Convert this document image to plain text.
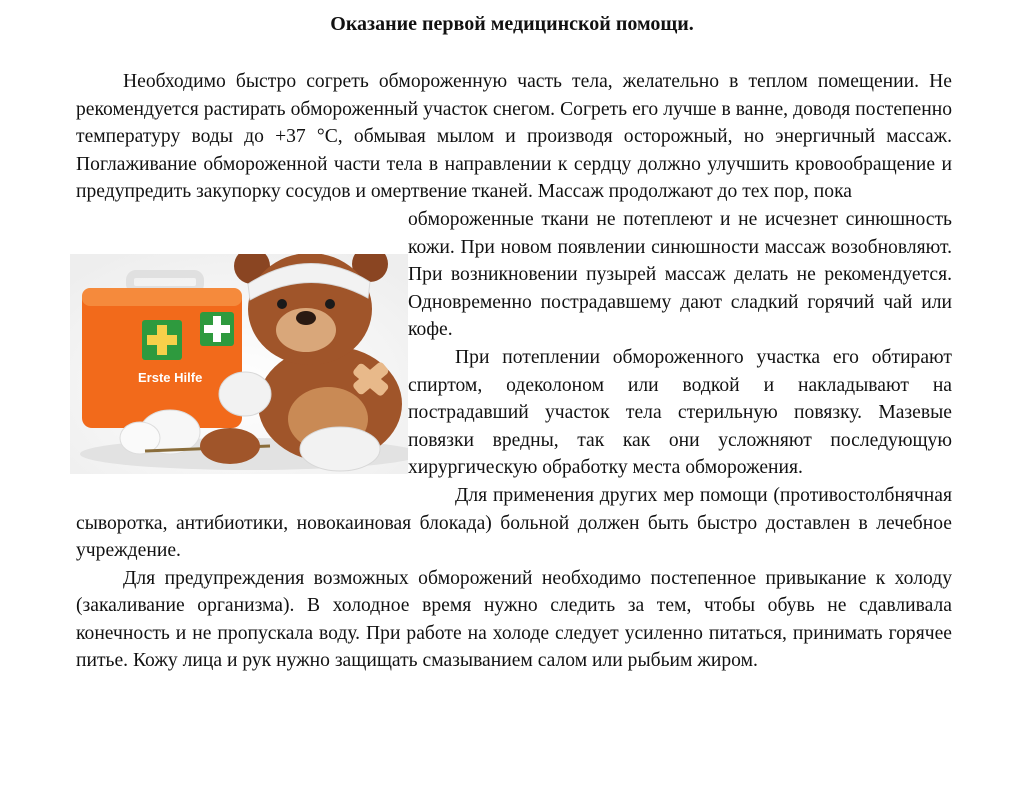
Оказание первой медицинской помощи.

Необходимо быстро согреть обмороженную часть тела, желательно в теплом помещении. Не рекомендуется растирать обмороженный участок снегом. Согреть его лучше в ванне, доводя постепенно температуру воды до +37 °С, обмывая мылом и производя осторожный, но энергичный массаж. Поглаживание обмороженной части тела в направлении к сердцу должно улучшить кровообращение и предупредить закупорку сосудов и омертвение тканей. Массаж продолжают до тех пор, пока

Erste Hilfe
обмороженные ткани не потеплеют и не исчезнет синюшность кожи. При новом появлении синюшности массаж возобновляют. При возникновении пузырей массаж делать не рекомендуется. Одновременно пострадавшему дают сладкий горячий чай или кофе.

При потеплении обмороженного участка его обтирают спиртом, одеколоном или водкой и накладывают на пострадавший участок тела стерильную повязку. Мазевые повязки вредны, так как они усложняют последующую хирургическую обработку места обморожения.

Для применения других мер помощи (противостолбнячная сыворотка, антибиотики, новокаиновая блокада) больной должен быть быстро доставлен в лечебное учреждение.

Для предупреждения возможных обморожений необходимо постепенное привыкание к холоду (закаливание организма). В холодное время нужно следить за тем, чтобы обувь не сдавливала конечность и не пропускала воду. При работе на холоде следует усиленно питаться, принимать горячее питье. Кожу лица и рук нужно защищать смазыванием салом или рыбьим жиром.
